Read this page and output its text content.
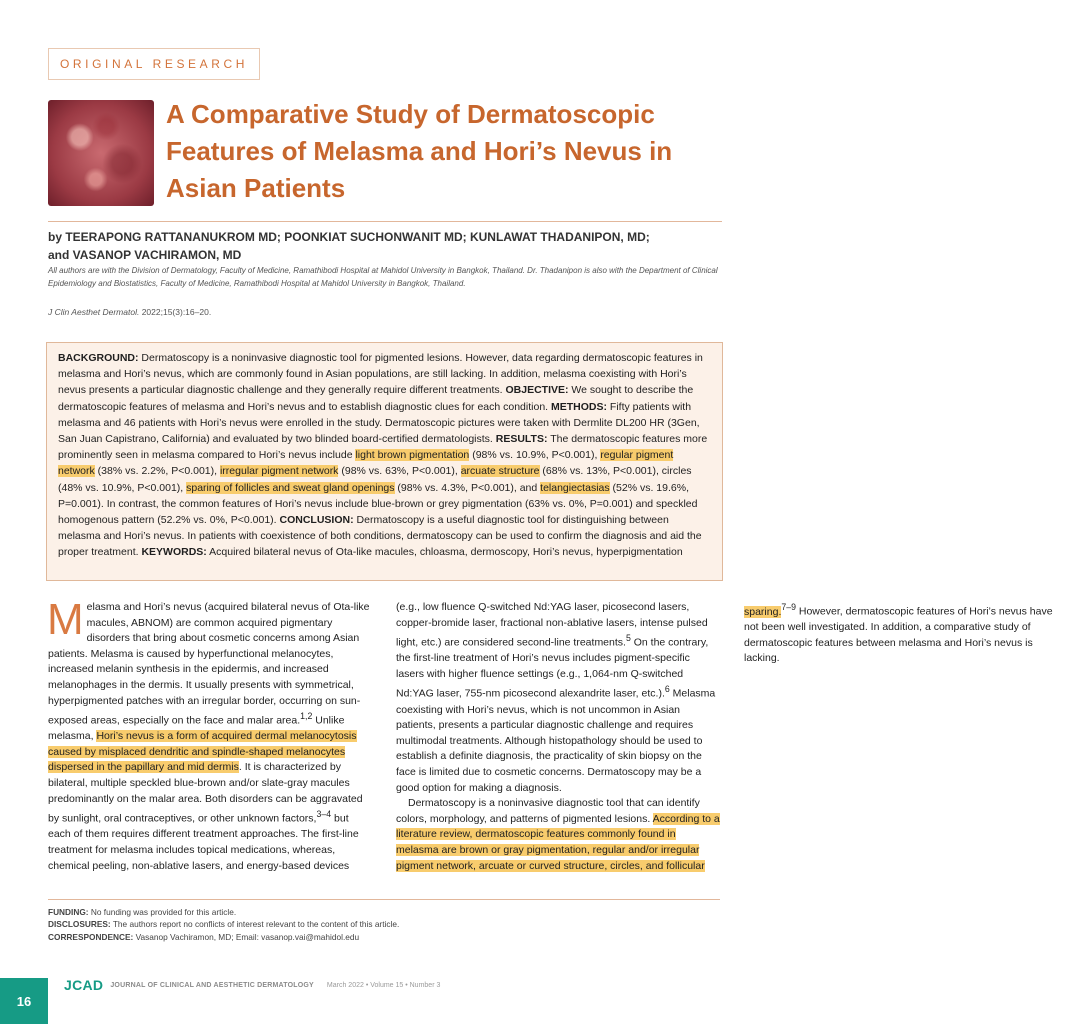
ORIGINAL RESEARCH
A Comparative Study of Dermatoscopic Features of Melasma and Hori’s Nevus in Asian Patients

by TEERAPONG RATTANANUKROM MD; POONKIAT SUCHONWANIT MD; KUNLAWAT THADANIPON, MD;
and VASANOP VACHIRAMON, MD

All authors are with the Division of Dermatology, Faculty of Medicine, Ramathibodi Hospital at Mahidol University in Bangkok, Thailand. Dr. Thadanipon is also with the Department of Clinical Epidemiology and Biostatistics, Faculty of Medicine, Ramathibodi Hospital at Mahidol University in Bangkok, Thailand.

J Clin Aesthet Dermatol. 2022;15(3):16–20.

BACKGROUND: Dermatoscopy is a noninvasive diagnostic tool for pigmented lesions. However, data regarding dermatoscopic features in melasma and Hori’s nevus, which are commonly found in Asian populations, are still lacking. In addition, melasma coexisting with Hori’s nevus presents a particular diagnostic challenge and they generally require different treatments. OBJECTIVE: We sought to describe the dermatoscopic features of melasma and Hori’s nevus and to establish diagnostic clues for each condition. METHODS: Fifty patients with melasma and 46 patients with Hori’s nevus were enrolled in the study. Dermatoscopic pictures were taken with Dermlite DL200 HR (3Gen, San Juan Capistrano, California) and evaluated by two blinded board-certified dermatologists. RESULTS: The dermatoscopic features more prominently seen in melasma compared to Hori’s nevus include light brown pigmentation (98% vs. 10.9%, P<0.001), regular pigment network (38% vs. 2.2%, P<0.001), irregular pigment network (98% vs. 63%, P<0.001), arcuate structure (68% vs. 13%, P<0.001), circles (48% vs. 10.9%, P<0.001), sparing of follicles and sweat gland openings (98% vs. 4.3%, P<0.001), and telangiectasias (52% vs. 19.6%, P=0.001). In contrast, the common features of Hori’s nevus include blue-brown or grey pigmentation (63% vs. 0%, P=0.001) and speckled homogenous pattern (52.2% vs. 0%, P<0.001). CONCLUSION: Dermatoscopy is a useful diagnostic tool for distinguishing between melasma and Hori’s nevus. In patients with coexistence of both conditions, dermatoscopy can be used to confirm the diagnosis and aid the proper treatment. KEYWORDS: Acquired bilateral nevus of Ota-like macules, chloasma, dermoscopy, Hori’s nevus, hyperpigmentation

Melasma and Hori’s nevus (acquired bilateral nevus of Ota-like macules, ABNOM) are common acquired pigmentary disorders that bring about cosmetic concerns among Asian patients. Melasma is caused by hyperfunctional melanocytes, increased melanin synthesis in the epidermis, and increased melanophages in the dermis. It usually presents with symmetrical, hyperpigmented patches with an irregular border, occurring on sun-exposed areas, especially on the face and malar area.$^{1,2}$ Unlike melasma, Hori’s nevus is a form of acquired dermal melanocytosis caused by misplaced dendritic and spindle-shaped melanocytes dispersed in the papillary and mid dermis. It is characterized by bilateral, multiple speckled blue-brown and/or slate-gray macules predominantly on the malar area. Both disorders can be aggravated by sunlight, oral contraceptives, or other unknown factors,$^{3-4}$ but each of them requires different treatment approaches. The first-line treatment for melasma includes topical medications, whereas, chemical peeling, non-ablative lasers, and energy-based devices (e.g., low fluence Q-switched Nd:YAG laser, picosecond lasers, copper-bromide laser, fractional non-ablative lasers, intense pulsed light, etc.) are considered second-line treatments.$^5$ On the contrary, the first-line treatment of Hori’s nevus includes pigment-specific lasers with higher fluence settings (e.g., 1,064-nm Q-switched Nd:YAG laser, 755-nm picosecond alexandrite laser, etc.).$^6$ Melasma coexisting with Hori’s nevus, which is not uncommon in Asian patients, presents a particular diagnostic challenge and requires multimodal treatments. Although histopathology should be used to establish a definite diagnosis, the practicality of skin biopsy on the face is limited due to cosmetic concerns. Dermatoscopy may be a good option for making a diagnosis.

Dermatoscopy is a noninvasive diagnostic tool that can identify colors, morphology, and patterns of pigmented lesions. According to a literature review, dermatoscopic features commonly found in melasma are brown or gray pigmentation, regular and/or irregular pigment network, arcuate or curved structure, circles, and follicular sparing.$^{7-9}$ However, dermatoscopic features of Hori’s nevus have not been well investigated. In addition, a comparative study of dermatoscopic features between melasma and Hori’s nevus is lacking.

FUNDING: No funding was provided for this article.
DISCLOSURES: The authors report no conflicts of interest relevant to the content of this article.
CORRESPONDENCE: Vasanop Vachiramon, MD; Email: vasanop.vai@mahidol.edu

16
JCAD JOURNAL OF CLINICAL AND AESTHETIC DERMATOLOGY March 2022 • Volume 15 • Number 3
